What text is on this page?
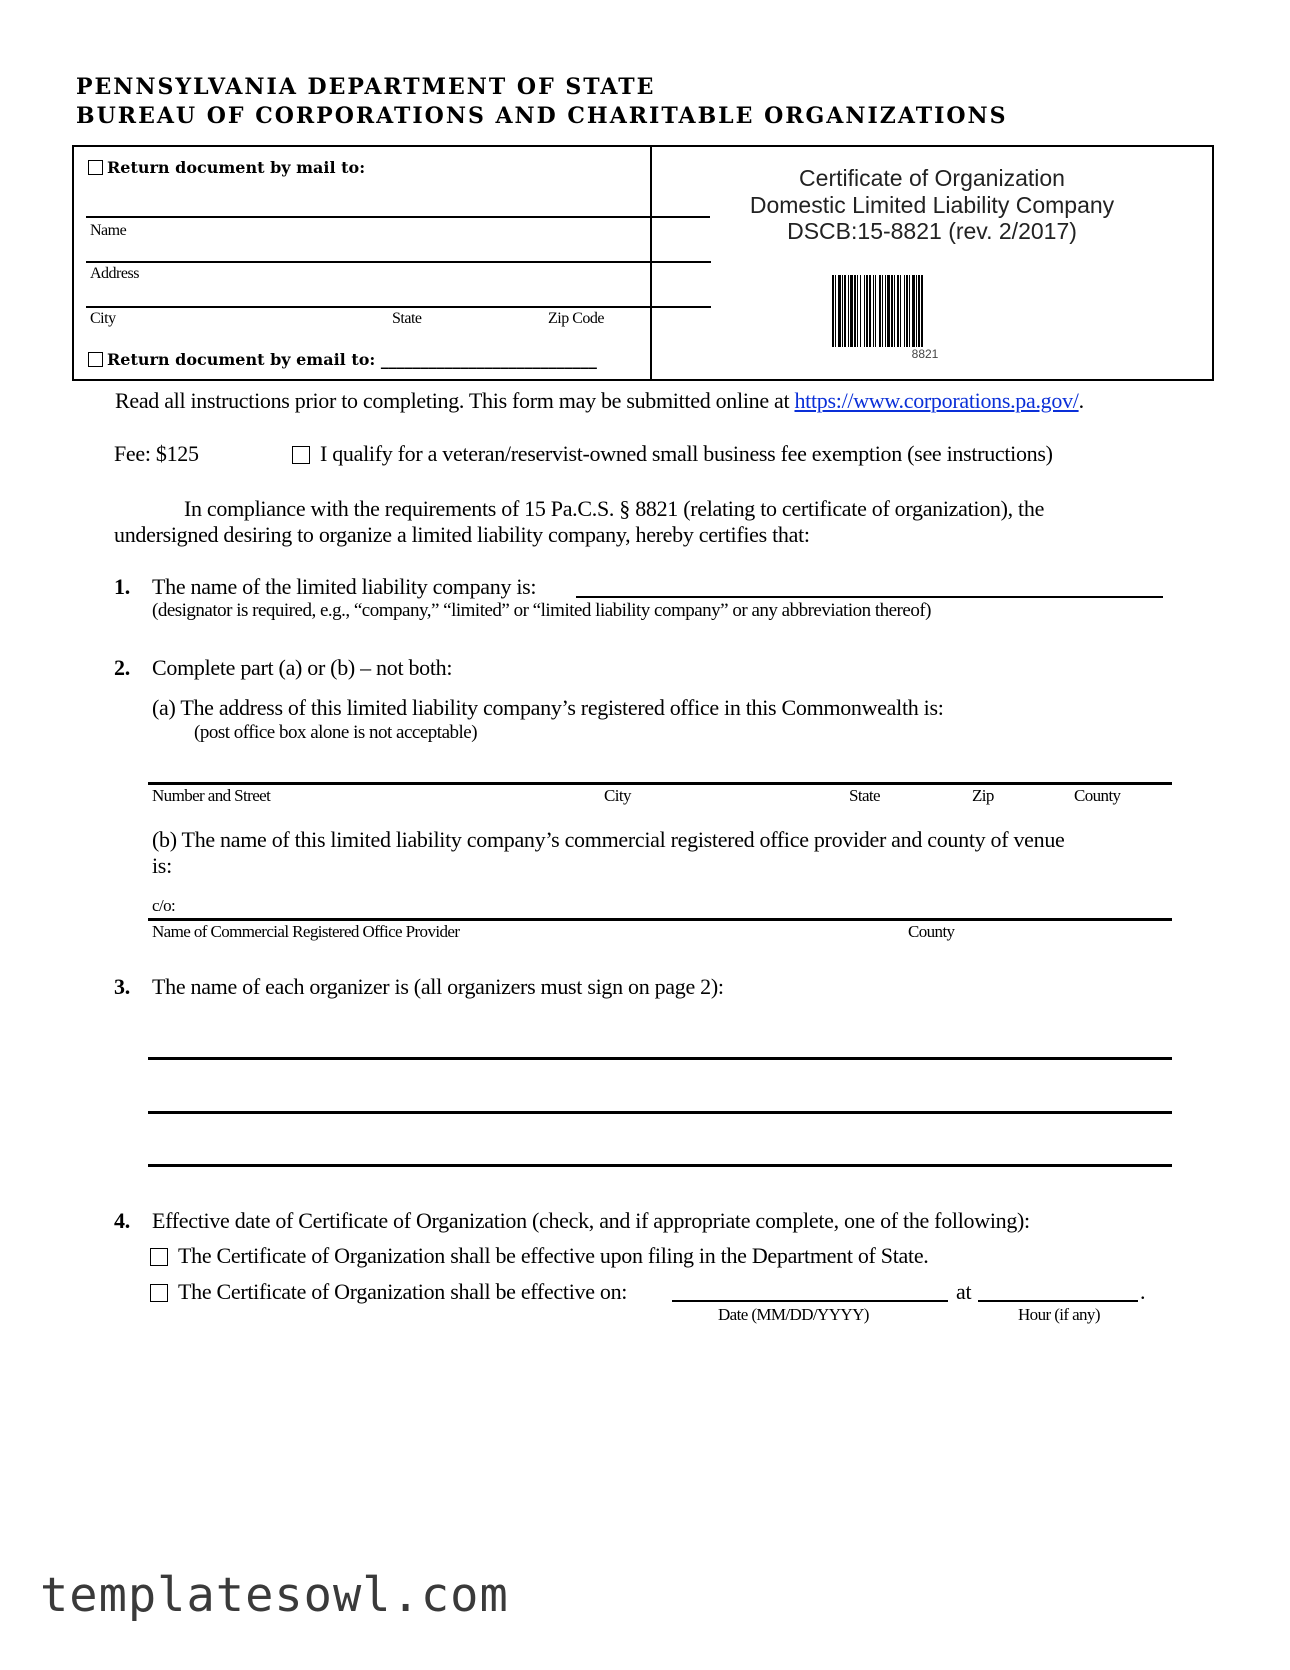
PENNSYLVANIA DEPARTMENT OF STATE
BUREAU OF CORPORATIONS AND CHARITABLE ORGANIZATIONS
Return document by mail to:
Name
Address
City	State	Zip Code
Return document by email to: ___________________________
Certificate of Organization
Domestic Limited Liability Company
DSCB:15-8821 (rev. 2/2017)
8821
Read all instructions prior to completing. This form may be submitted online at https://www.corporations.pa.gov/.
Fee: $125	I qualify for a veteran/reservist-owned small business fee exemption (see instructions)
In compliance with the requirements of 15 Pa.C.S. § 8821 (relating to certificate of organization), the
undersigned desiring to organize a limited liability company, hereby certifies that:
1. The name of the limited liability company is:
(designator is required, e.g., “company,” “limited” or “limited liability company” or any abbreviation thereof)
2. Complete part (a) or (b) – not both:
(a) The address of this limited liability company’s registered office in this Commonwealth is:
(post office box alone is not acceptable)
Number and Street	City	State	Zip	County
(b) The name of this limited liability company’s commercial registered office provider and county of venue
is:
c/o:
Name of Commercial Registered Office Provider	County
3. The name of each organizer is (all organizers must sign on page 2):
4. Effective date of Certificate of Organization (check, and if appropriate complete, one of the following):
The Certificate of Organization shall be effective upon filing in the Department of State.
The Certificate of Organization shall be effective on:	at	.
Date (MM/DD/YYYY)	Hour (if any)
templatesowl.com
